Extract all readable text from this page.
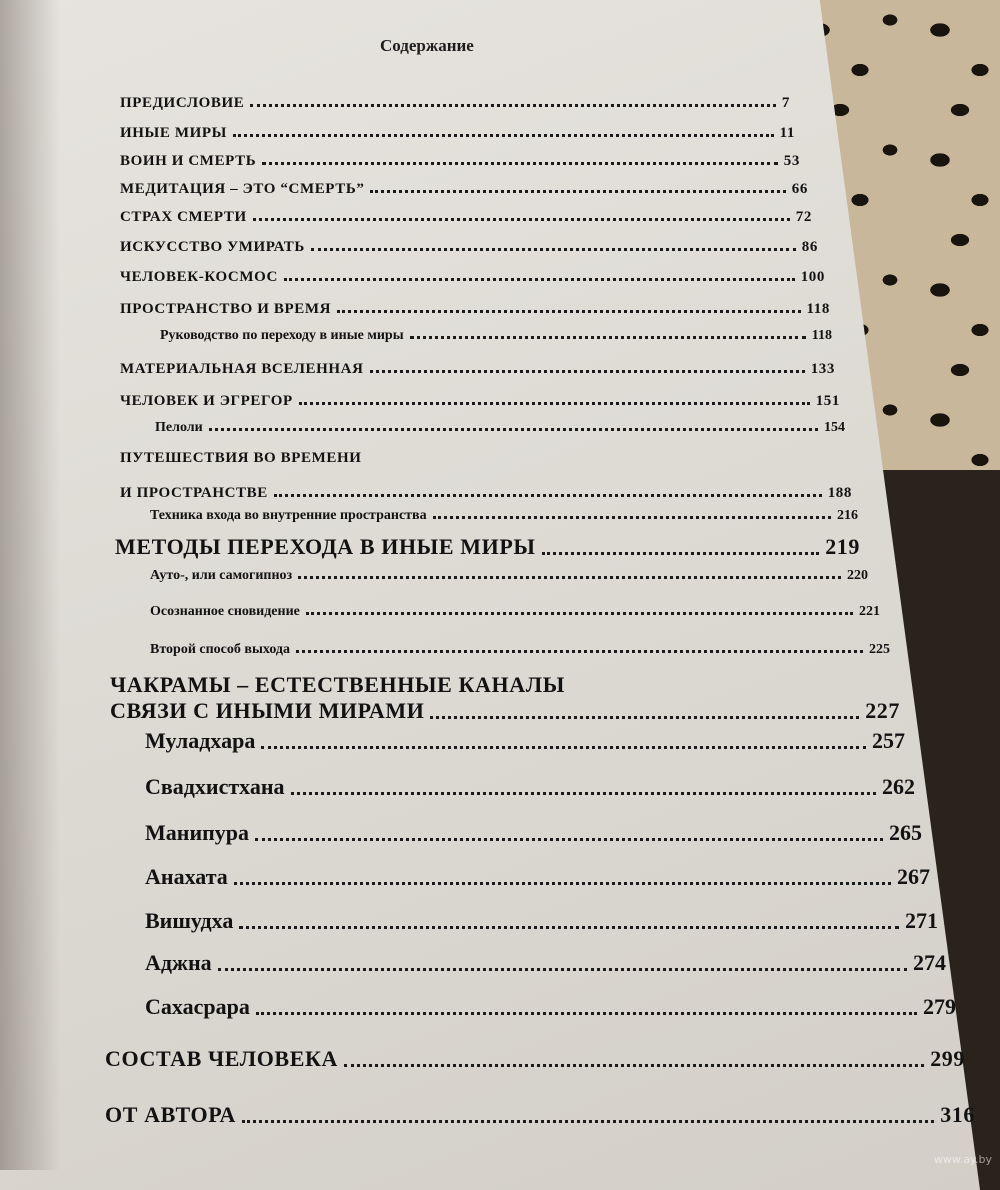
Содержание
ПРЕДИСЛОВИЕ	7
ИНЫЕ МИРЫ	11
ВОИН И СМЕРТЬ	53
МЕДИТАЦИЯ – ЭТО “СМЕРТЬ”	66
СТРАХ СМЕРТИ	72
ИСКУССТВО УМИРАТЬ	86
ЧЕЛОВЕК-КОСМОС	100
ПРОСТРАНСТВО И ВРЕМЯ	118
Руководство по переходу в иные миры	118
МАТЕРИАЛЬНАЯ ВСЕЛЕННАЯ	133
ЧЕЛОВЕК И ЭГРЕГОР	151
Пелоли	154
ПУТЕШЕСТВИЯ ВО ВРЕМЕНИ
И ПРОСТРАНСТВЕ	188
Техника входа во внутренние пространства	216
МЕТОДЫ ПЕРЕХОДА В ИНЫЕ МИРЫ	219
Ауто-, или самогипноз	220
Осознанное сновидение	221
Второй способ выхода	225
ЧАКРАМЫ – ЕСТЕСТВЕННЫЕ КАНАЛЫ
СВЯЗИ С ИНЫМИ МИРАМИ	227
Муладхара	257
Свадхистхана	262
Манипура	265
Анахата	267
Вишудха	271
Аджна	274
Сахасрара	279
СОСТАВ ЧЕЛОВЕКА	299
ОТ АВТОРА	316
www.ay.by
